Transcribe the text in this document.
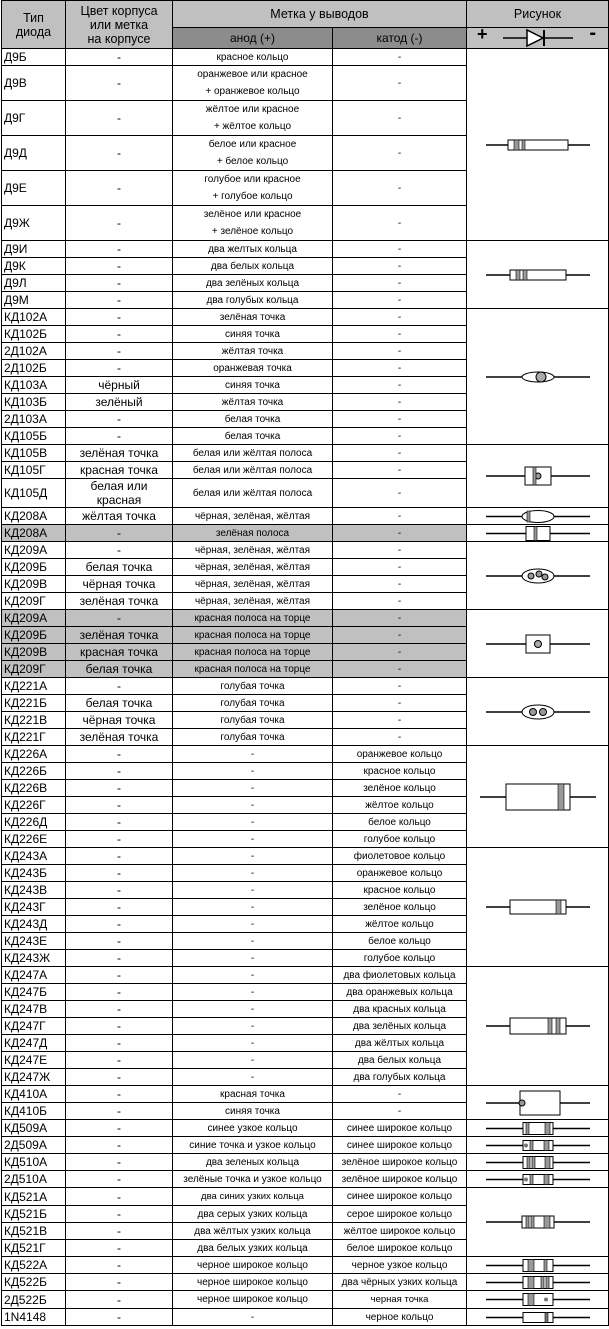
Тип
диода	Цвет корпуса
или метка
на корпусе	Метка у выводов		Рисунок
		анод (+)	катод (-)	+ -

Д9Б	-	красное кольцо	-	

Д9В	-	оранжевое или красное
+ оранжевое кольцо	-	
Д9Г	-	жёлтое или красное
+ жёлтое кольцо	-	
Д9Д	-	белое или красное
+ белое кольцо	-	
Д9Е	-	голубое или красное
+ голубое кольцо	-	
Д9Ж	-	зелёное или красное
+ зелёное кольцо	-	
Д9И	-	два желтых кольца	-	

Д9К	-	два белых кольца	-	
Д9Л	-	два зелёных кольца	-	
Д9М	-	два голубых кольца	-	
КД102А	-	зелёная точка	-	

КД102Б	-	синяя точка	-	
2Д102А	-	жёлтая точка	-	
2Д102Б	-	оранжевая точка	-	
КД103А	чёрный	синяя точка	-	
КД103Б	зелёный	жёлтая точка	-	
2Д103А	-	белая точка	-	
КД105Б	-	белая точка	-	
КД105В	зелёная точка	белая или жёлтая полоса	-	

КД105Г	красная точка	белая или жёлтая полоса	-	
КД105Д	белая или красная	белая или жёлтая полоса	-	
КД208А	жёлтая точка	чёрная, зелёная, жёлтая	-	

КД208А	-	зелёная полоса	-	

КД209А	-	чёрная, зелёная, жёлтая	-	

КД209Б	белая точка	чёрная, зелёная, жёлтая	-	
КД209В	чёрная точка	чёрная, зелёная, жёлтая	-	
КД209Г	зелёная точка	чёрная, зелёная, жёлтая	-	
КД209А	-	красная полоса на торце	-	

КД209Б	зелёная точка	красная полоса на торце	-	
КД209В	красная точка	красная полоса на торце	-	
КД209Г	белая точка	красная полоса на торце	-	
КД221А	-	голубая точка	-	

КД221Б	белая точка	голубая точка	-	
КД221В	чёрная точка	голубая точка	-	
КД221Г	зелёная точка	голубая точка	-	
КД226А	-	-	оранжевое кольцо	

КД226Б	-	-	красное кольцо	
КД226В	-	-	зелёное кольцо	
КД226Г	-	-	жёлтое кольцо	
КД226Д	-	-	белое кольцо	
КД226Е	-	-	голубое кольцо	
КД243А	-	-	фиолетовое кольцо	

КД243Б	-	-	оранжевое кольцо	
КД243В	-	-	красное кольцо	
КД243Г	-	-	зелёное кольцо	
КД243Д	-	-	жёлтое кольцо	
КД243Е	-	-	белое кольцо	
КД243Ж	-	-	голубое кольцо	
КД247А	-	-	два фиолетовых кольца	

КД247Б	-	-	два оранжевых кольца	
КД247В	-	-	два красных кольца	
КД247Г	-	-	два зелёных кольца	
КД247Д	-	-	два жёлтых кольца	
КД247Е	-	-	два белых кольца	
КД247Ж	-	-	два голубых кольца	
КД410А	-	красная точка	-	

КД410Б	-	синяя точка	-	
КД509А	-	синее узкое кольцо	синее широкое кольцо	

2Д509А	-	синие точка и узкое кольцо	синее широкое кольцо	

КД510А	-	два зеленых кольца	зелёное широкое кольцо	

2Д510А	-	зелёные точка и узкое кольцо	зелёное широкое кольцо	

КД521А	-	два синих узких кольца	синее широкое кольцо	

КД521Б	-	два серых узких кольца	серое широкое кольцо	
КД521В	-	два жёлтых узких кольца	жёлтое широкое кольцо	
КД521Г	-	два белых узких кольца	белое широкое кольцо	
КД522А	-	черное широкое кольцо	черное узкое кольцо	

КД522Б	-	черное широкое кольцо	два чёрных узких кольца	

2Д522Б	-	черное широкое кольцо	черная точка	

1N4148	-	-	черное кольцо	
